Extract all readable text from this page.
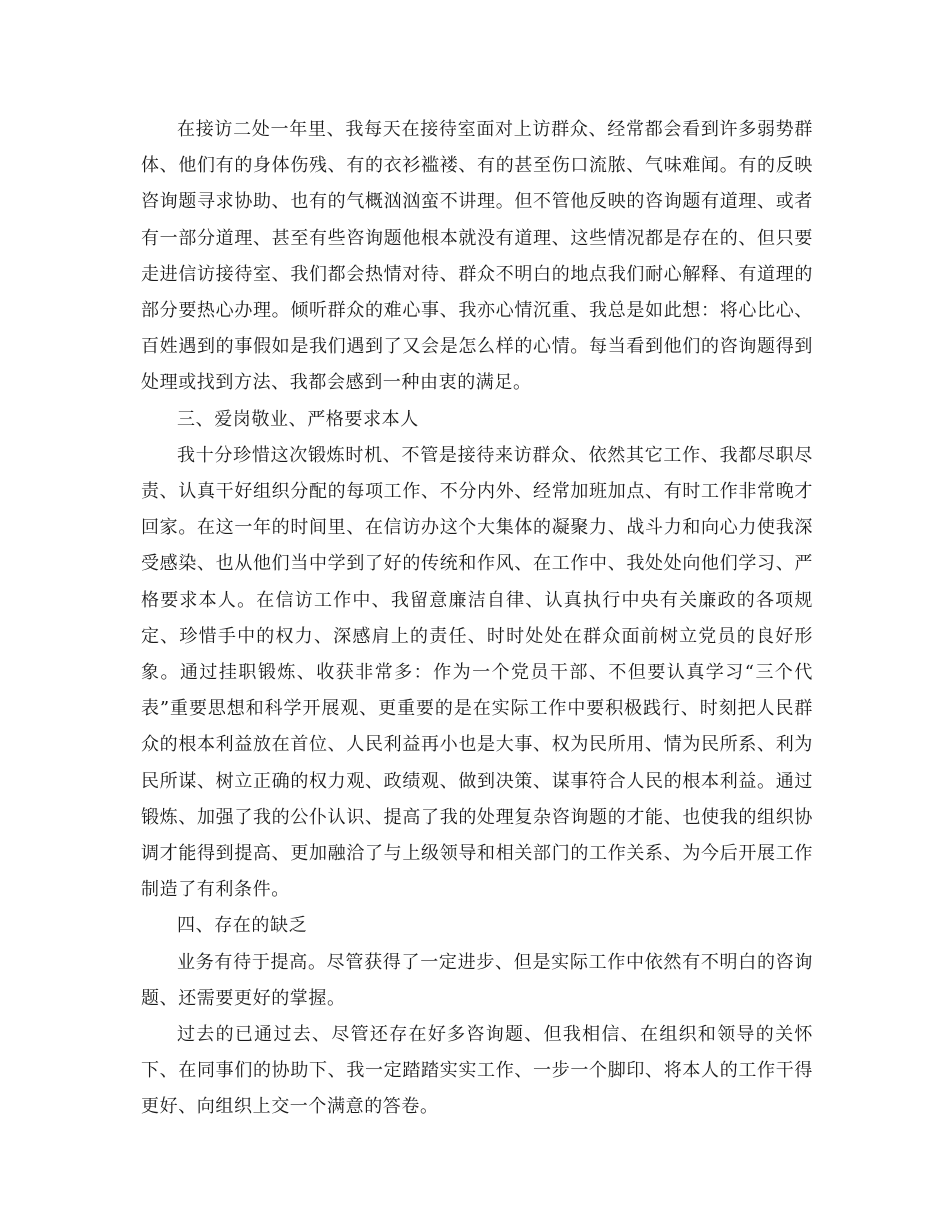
在接访二处一年里、我每天在接待室面对上访群众、经常都会看到许多弱势群体、他们有的身体伤残、有的衣衫褴褛、有的甚至伤口流脓、气味难闻。有的反映咨询题寻求协助、也有的气概汹汹蛮不讲理。但不管他反映的咨询题有道理、或者有一部分道理、甚至有些咨询题他根本就没有道理、这些情况都是存在的、但只要走进信访接待室、我们都会热情对待、群众不明白的地点我们耐心解释、有道理的部分要热心办理。倾听群众的难心事、我亦心情沉重、我总是如此想：将心比心、百姓遇到的事假如是我们遇到了又会是怎么样的心情。每当看到他们的咨询题得到处理或找到方法、我都会感到一种由衷的满足。

三、爱岗敬业、严格要求本人

我十分珍惜这次锻炼时机、不管是接待来访群众、依然其它工作、我都尽职尽责、认真干好组织分配的每项工作、不分内外、经常加班加点、有时工作非常晚才回家。在这一年的时间里、在信访办这个大集体的凝聚力、战斗力和向心力使我深受感染、也从他们当中学到了好的传统和作风、在工作中、我处处向他们学习、严格要求本人。在信访工作中、我留意廉洁自律、认真执行中央有关廉政的各项规定、珍惜手中的权力、深感肩上的责任、时时处处在群众面前树立党员的良好形象。通过挂职锻炼、收获非常多：作为一个党员干部、不但要认真学习“三个代表”重要思想和科学开展观、更重要的是在实际工作中要积极践行、时刻把人民群众的根本利益放在首位、人民利益再小也是大事、权为民所用、情为民所系、利为民所谋、树立正确的权力观、政绩观、做到决策、谋事符合人民的根本利益。通过锻炼、加强了我的公仆认识、提高了我的处理复杂咨询题的才能、也使我的组织协调才能得到提高、更加融洽了与上级领导和相关部门的工作关系、为今后开展工作制造了有利条件。

四、存在的缺乏

业务有待于提高。尽管获得了一定进步、但是实际工作中依然有不明白的咨询题、还需要更好的掌握。

过去的已通过去、尽管还存在好多咨询题、但我相信、在组织和领导的关怀下、在同事们的协助下、我一定踏踏实实工作、一步一个脚印、将本人的工作干得更好、向组织上交一个满意的答卷。
